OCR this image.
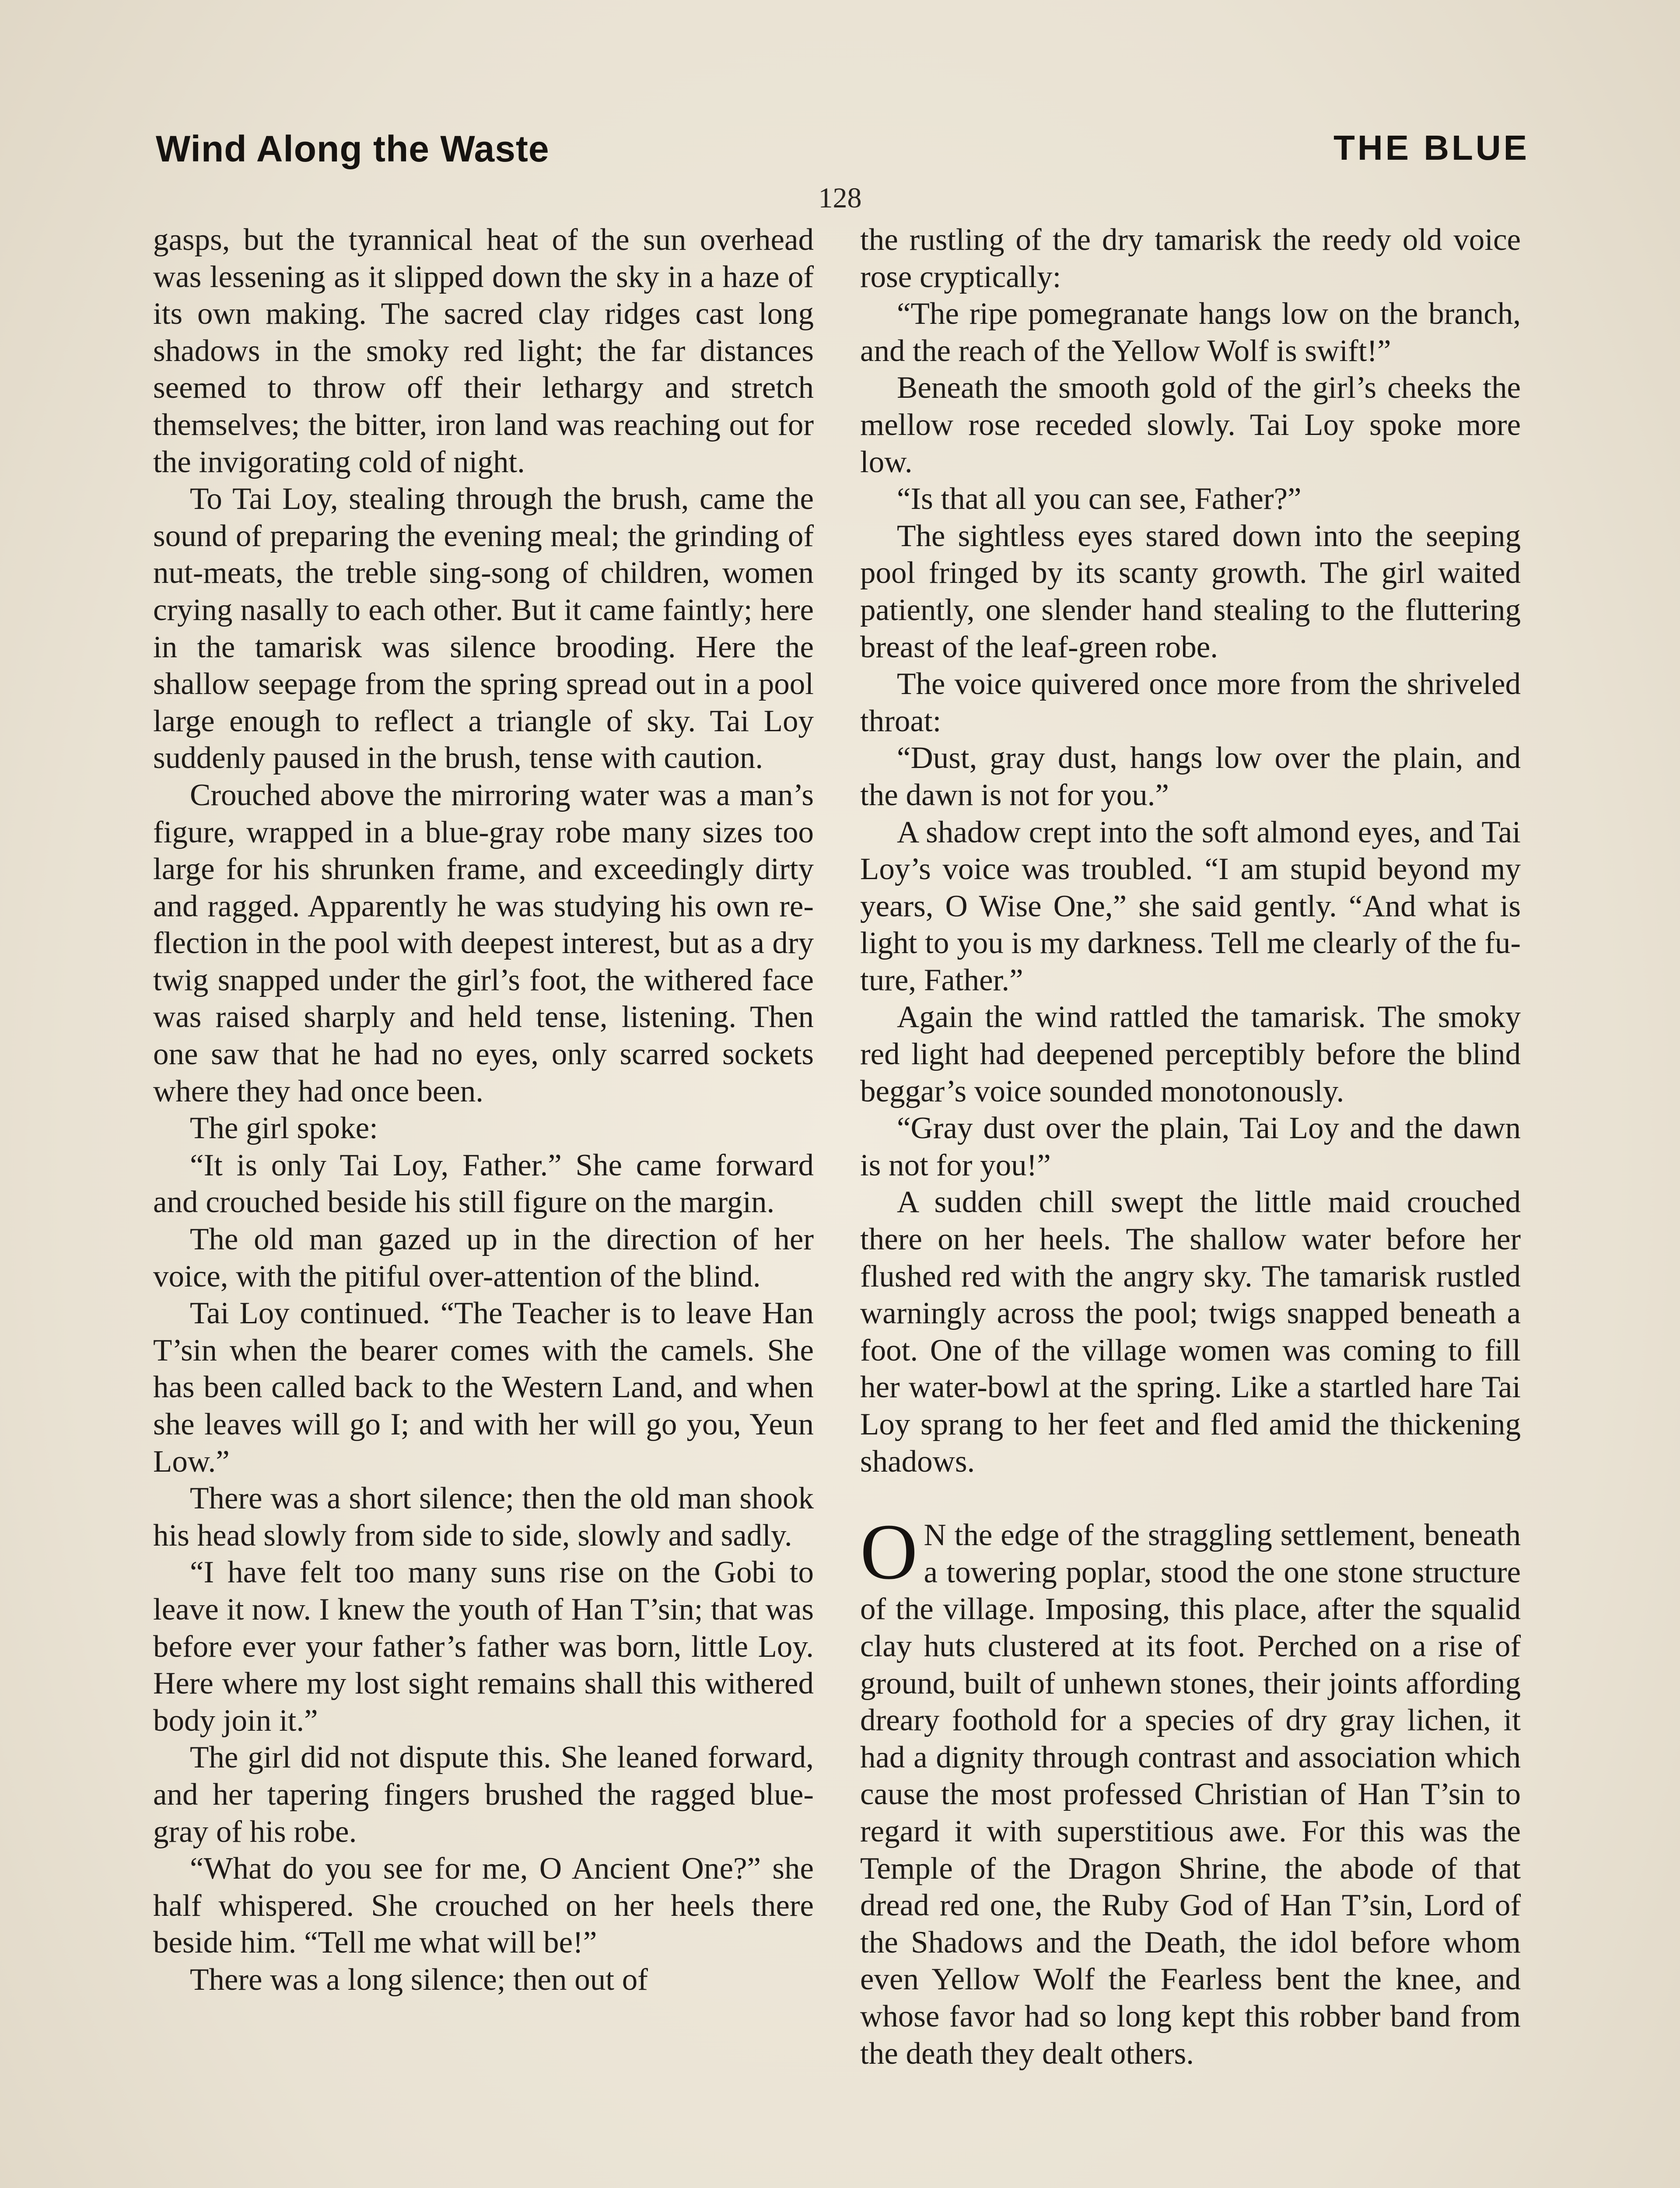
Wind Along the Waste	THE BLUE
128

gasps, but the tyrannical heat of the sun overhead was lessening as it slipped down the sky in a haze of its own making. The sacred clay ridges cast long shadows in the smoky red light; the far distances seemed to throw off their lethargy and stretch themselves; the bitter, iron land was reaching out for the invigorating cold of night.

To Tai Loy, stealing through the brush, came the sound of preparing the evening meal; the grinding of nut-meats, the treble sing-song of children, women crying nasally to each other. But it came faintly; here in the tamarisk was silence brooding. Here the shallow seepage from the spring spread out in a pool large enough to reflect a triangle of sky. Tai Loy suddenly paused in the brush, tense with caution.

Crouched above the mirroring water was a man’s figure, wrapped in a blue-gray robe many sizes too large for his shrunken frame, and exceedingly dirty and ragged. Apparently he was studying his own reflection in the pool with deepest interest, but as a dry twig snapped under the girl’s foot, the withered face was raised sharply and held tense, listening. Then one saw that he had no eyes, only scarred sockets where they had once been.

The girl spoke:

“It is only Tai Loy, Father.” She came forward and crouched beside his still figure on the margin.

The old man gazed up in the direction of her voice, with the pitiful over-attention of the blind.

Tai Loy continued. “The Teacher is to leave Han T’sin when the bearer comes with the camels. She has been called back to the Western Land, and when she leaves will go I; and with her will go you, Yeun Low.”

There was a short silence; then the old man shook his head slowly from side to side, slowly and sadly.

“I have felt too many suns rise on the Gobi to leave it now. I knew the youth of Han T’sin; that was before ever your father’s father was born, little Loy. Here where my lost sight remains shall this withered body join it.”

The girl did not dispute this. She leaned forward, and her tapering fingers brushed the ragged blue-gray of his robe.

“What do you see for me, O Ancient One?” she half whispered. She crouched on her heels there beside him. “Tell me what will be!”

There was a long silence; then out of

the rustling of the dry tamarisk the reedy old voice rose cryptically:

“The ripe pomegranate hangs low on the branch, and the reach of the Yellow Wolf is swift!”

Beneath the smooth gold of the girl’s cheeks the mellow rose receded slowly. Tai Loy spoke more low.

“Is that all you can see, Father?”

The sightless eyes stared down into the seeping pool fringed by its scanty growth. The girl waited patiently, one slender hand stealing to the fluttering breast of the leaf-green robe.

The voice quivered once more from the shriveled throat:

“Dust, gray dust, hangs low over the plain, and the dawn is not for you.”

A shadow crept into the soft almond eyes, and Tai Loy’s voice was troubled. “I am stupid beyond my years, O Wise One,” she said gently. “And what is light to you is my darkness. Tell me clearly of the future, Father.”

Again the wind rattled the tamarisk. The smoky red light had deepened perceptibly before the blind beggar’s voice sounded monotonously.

“Gray dust over the plain, Tai Loy and the dawn is not for you!”

A sudden chill swept the little maid crouched there on her heels. The shallow water before her flushed red with the angry sky. The tamarisk rustled warningly across the pool; twigs snapped beneath a foot. One of the village women was coming to fill her water-bowl at the spring. Like a startled hare Tai Loy sprang to her feet and fled amid the thickening shadows.

O N the edge of the straggling settlement, beneath a towering poplar, stood the one stone structure of the village. Imposing, this place, after the squalid clay huts clustered at its foot. Perched on a rise of ground, built of unhewn stones, their joints affording dreary foothold for a species of dry gray lichen, it had a dignity through contrast and association which cause the most professed Christian of Han T’sin to regard it with superstitious awe. For this was the Temple of the Dragon Shrine, the abode of that dread red one, the Ruby God of Han T’sin, Lord of the Shadows and the Death, the idol before whom even Yellow Wolf the Fearless bent the knee, and whose favor had so long kept this robber band from the death they dealt others.
